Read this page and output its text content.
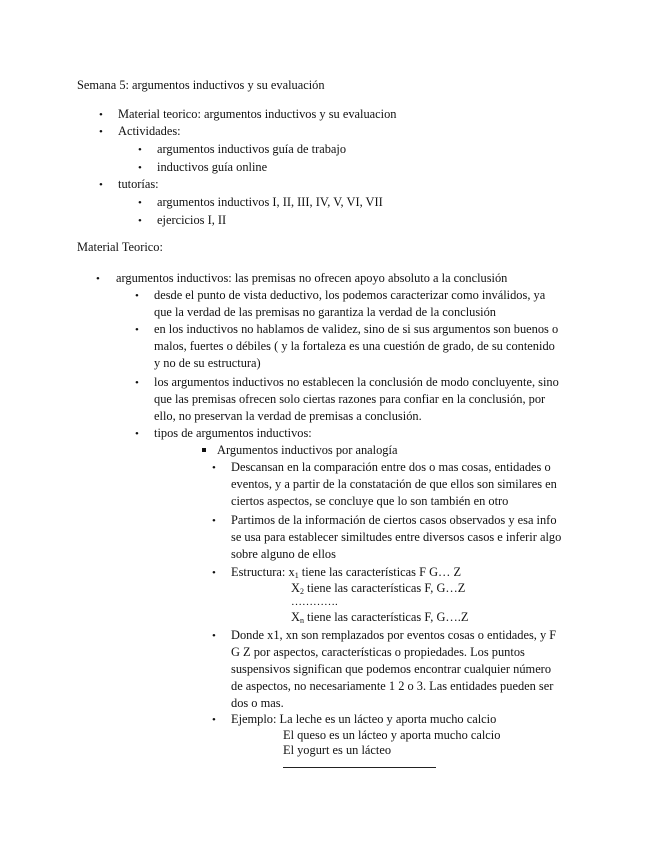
Semana 5: argumentos inductivos y su evaluación
• Material teorico: argumentos inductivos y su evaluacion
• Actividades:
• argumentos inductivos guía de trabajo
• inductivos guía online
• tutorías:
• argumentos inductivos I, II, III, IV, V, VI, VII
• ejercicios I, II
Material Teorico:
• argumentos inductivos: las premisas no ofrecen apoyo absoluto a la conclusión
• desde el punto de vista deductivo, los podemos caracterizar como inválidos, ya
que la verdad de las premisas no garantiza la verdad de la conclusión
• en los inductivos no hablamos de validez, sino de si sus argumentos son buenos o
malos, fuertes o débiles ( y la fortaleza es una cuestión de grado, de su contenido
y no de su estructura)
• los argumentos inductivos no establecen la conclusión de modo concluyente, sino
que las premisas ofrecen solo ciertas razones para confiar en la conclusión, por
ello, no preservan la verdad de premisas a conclusión.
• tipos de argumentos inductivos:
Argumentos inductivos por analogía
• Descansan en la comparación entre dos o mas cosas, entidades o
eventos, y a partir de la constatación de que ellos son similares en
ciertos aspectos, se concluye que lo son también en otro
• Partimos de la información de ciertos casos observados y esa info
se usa para establecer similtudes entre diversos casos e inferir algo
sobre alguno de ellos
• Estructura: $x_1$ tiene las características F G… Z
$X_2$ tiene las características F, G…Z
………….
$X_n$ tiene las características F, G….Z
• Donde x1, xn son remplazados por eventos cosas o entidades, y F
G Z por aspectos, características o propiedades. Los puntos
suspensivos significan que podemos encontrar cualquier número
de aspectos, no necesariamente 1 2 o 3. Las entidades pueden ser
dos o mas.
• Ejemplo: La leche es un lácteo y aporta mucho calcio
El queso es un lácteo y aporta mucho calcio
El yogurt es un lácteo
